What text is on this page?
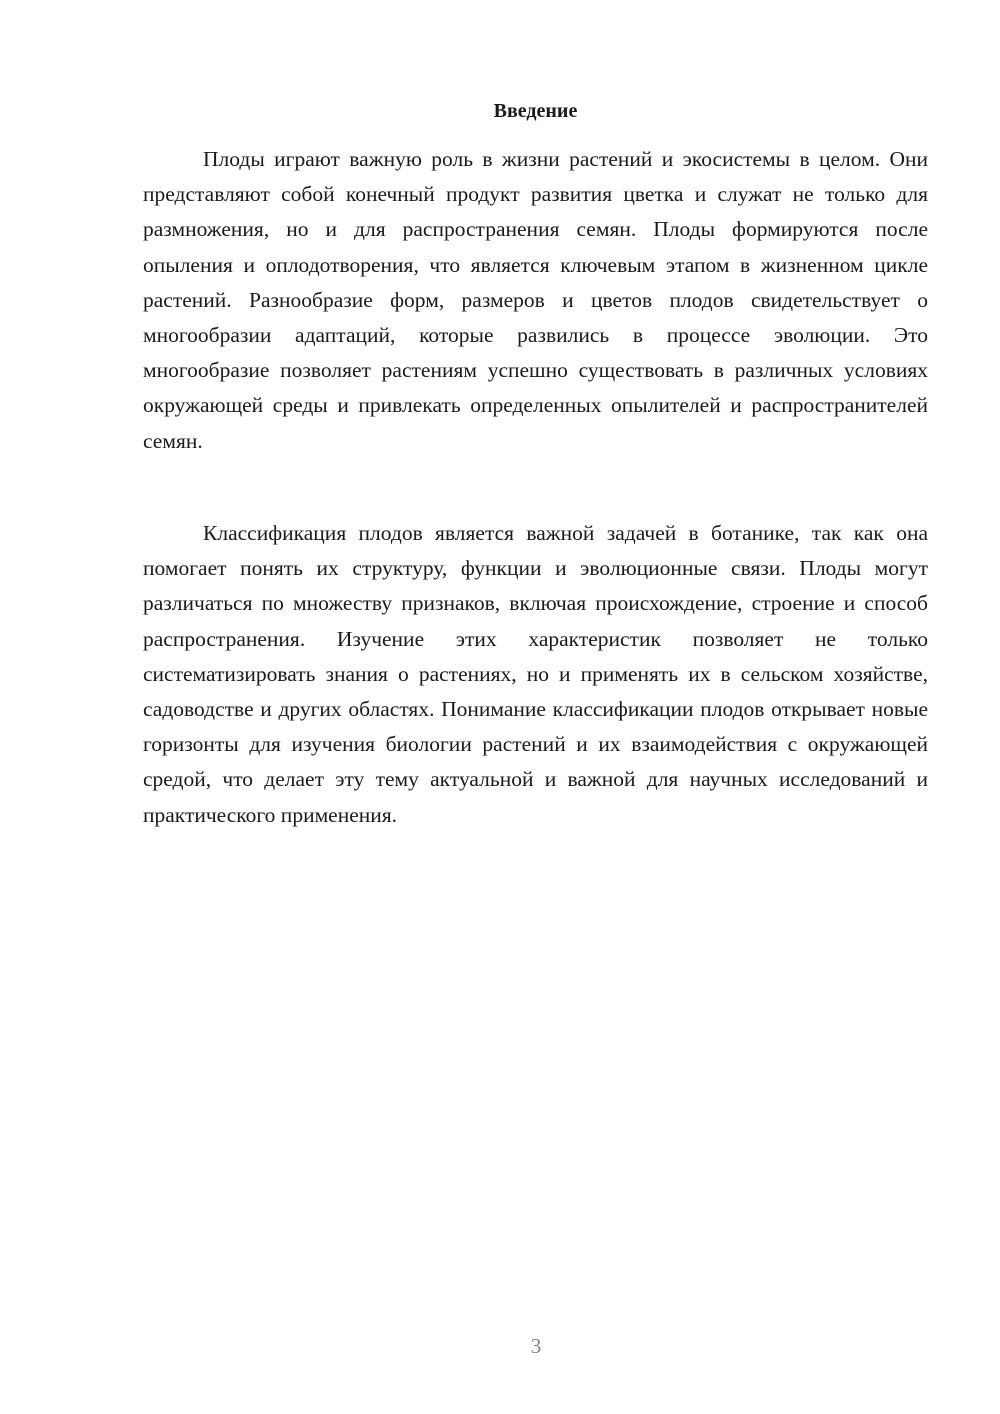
Введение

Плоды играют важную роль в жизни растений и экосистемы в целом. Они представляют собой конечный продукт развития цветка и служат не только для размножения, но и для распространения семян. Плоды формируются после опыления и оплодотворения, что является ключевым этапом в жизненном цикле растений. Разнообразие форм, размеров и цветов плодов свидетельствует о многообразии адаптаций, которые развились в процессе эволюции. Это многообразие позволяет растениям успешно существовать в различных условиях окружающей среды и привлекать определенных опылителей и распространителей семян.

Классификация плодов является важной задачей в ботанике, так как она помогает понять их структуру, функции и эволюционные связи. Плоды могут различаться по множеству признаков, включая происхождение, строение и способ распространения. Изучение этих характеристик позволяет не только систематизировать знания о растениях, но и применять их в сельском хозяйстве, садоводстве и других областях. Понимание классификации плодов открывает новые горизонты для изучения биологии растений и их взаимодействия с окружающей средой, что делает эту тему актуальной и важной для научных исследований и практического применения.

3
